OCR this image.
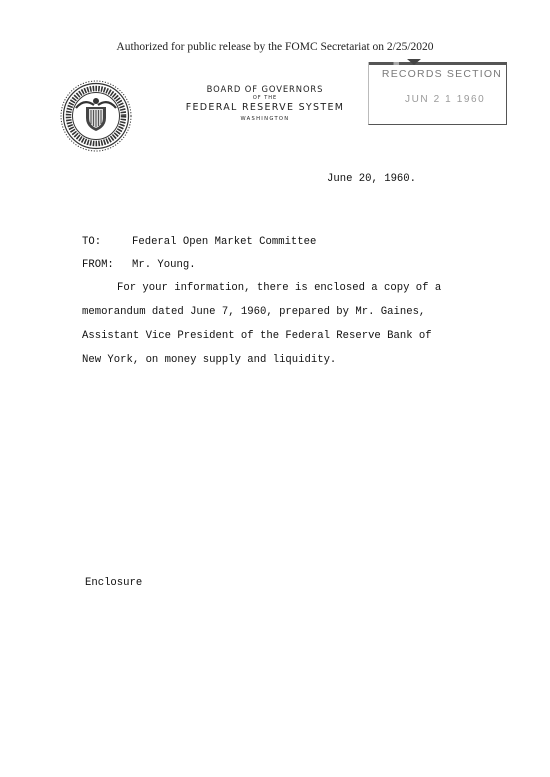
Authorized for public release by the FOMC Secretariat on 2/25/2020
BOARD OF GOVERNORS
OF THE
FEDERAL RESERVE SYSTEM
WASHINGTON
RECORDS SECTION
JUN 2 1 1960
June 20, 1960.
TO:	Federal Open Market Committee
FROM: Mr. Young.
For your information, there is enclosed a copy of a
memorandum dated June 7, 1960, prepared by Mr. Gaines,
Assistant Vice President of the Federal Reserve Bank of
New York, on money supply and liquidity.
Enclosure
